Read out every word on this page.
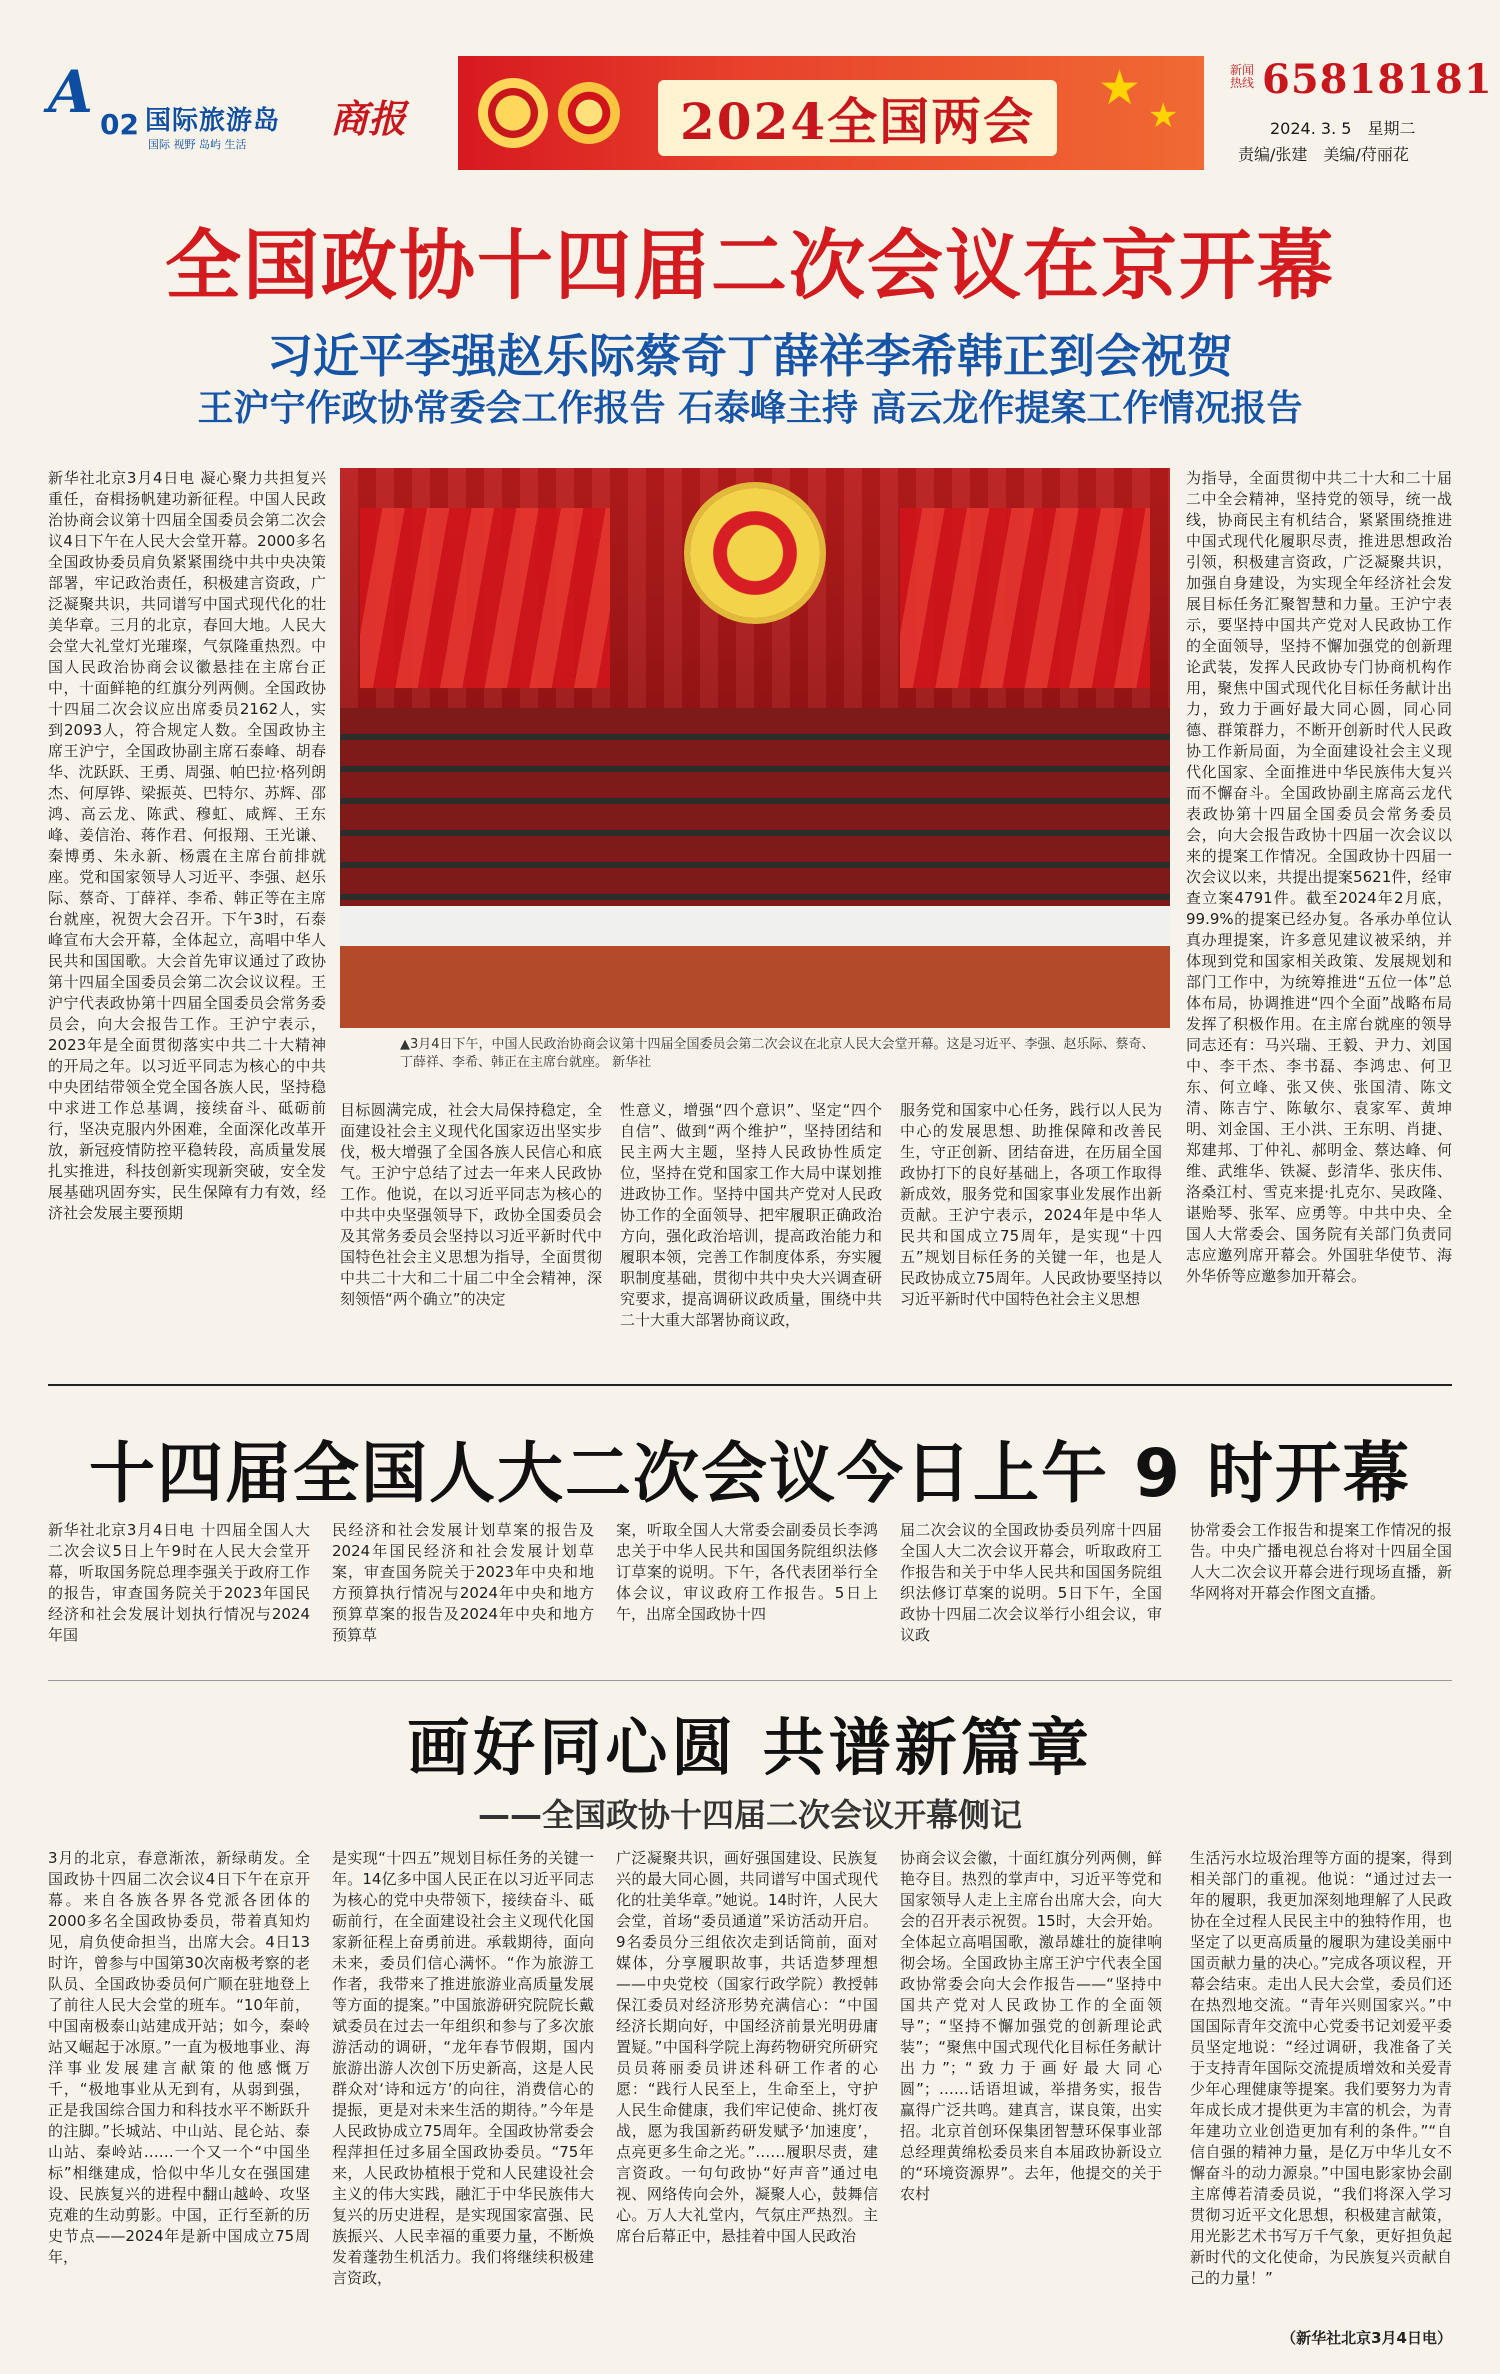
A 02 国际旅游岛
国际 视野 岛屿 生活
商报	2024全国两会
★ ★
新闻热线 65818181
2024. 3. 5　 星期二
责编/张建　 美编/苻丽花
全国政协十四届二次会议在京开幕
习近平李强赵乐际蔡奇丁薛祥李希韩正到会祝贺
王沪宁作政协常委会工作报告 石泰峰主持 高云龙作提案工作情况报告
新华社北京3月4日电 凝心聚力共担复兴重任，奋楫扬帆建功新征程。中国人民政治协商会议第十四届全国委员会第二次会议4日下午在人民大会堂开幕。2000多名全国政协委员肩负紧紧围绕中共中央决策部署，牢记政治责任，积极建言资政，广泛凝聚共识，共同谱写中国式现代化的壮美华章。三月的北京，春回大地。人民大会堂大礼堂灯光璀璨，气氛隆重热烈。中国人民政治协商会议徽悬挂在主席台正中，十面鲜艳的红旗分列两侧。全国政协十四届二次会议应出席委员2162人，实到2093人，符合规定人数。全国政协主席王沪宁，全国政协副主席石泰峰、胡春华、沈跃跃、王勇、周强、帕巴拉·格列朗杰、何厚铧、梁振英、巴特尔、苏辉、邵鸿、高云龙、陈武、穆虹、咸辉、王东峰、姜信治、蒋作君、何报翔、王光谦、秦博勇、朱永新、杨震在主席台前排就座。党和国家领导人习近平、李强、赵乐际、蔡奇、丁薛祥、李希、韩正等在主席台就座，祝贺大会召开。下午3时，石泰峰宣布大会开幕，全体起立，高唱中华人民共和国国歌。大会首先审议通过了政协第十四届全国委员会第二次会议议程。王沪宁代表政协第十四届全国委员会常务委员会，向大会报告工作。王沪宁表示，2023年是全面贯彻落实中共二十大精神的开局之年。以习近平同志为核心的中共中央团结带领全党全国各族人民，坚持稳中求进工作总基调，接续奋斗、砥砺前行，坚决克服内外困难，全面深化改革开放，新冠疫情防控平稳转段，高质量发展扎实推进，科技创新实现新突破，安全发展基础巩固夯实，民生保障有力有效，经济社会发展主要预期
▲3月4日下午，中国人民政治协商会议第十四届全国委员会第二次会议在北京人民大会堂开幕。这是习近平、李强、赵乐际、蔡奇、丁薛祥、李希、韩正在主席台就座。 新华社
目标圆满完成，社会大局保持稳定，全面建设社会主义现代化国家迈出坚实步伐，极大增强了全国各族人民信心和底气。王沪宁总结了过去一年来人民政协工作。他说，在以习近平同志为核心的中共中央坚强领导下，政协全国委员会及其常务委员会坚持以习近平新时代中国特色社会主义思想为指导，全面贯彻中共二十大和二十届二中全会精神，深刻领悟“两个确立”的决定
性意义，增强“四个意识”、坚定“四个自信”、做到“两个维护”，坚持团结和民主两大主题，坚持人民政协性质定位，坚持在党和国家工作大局中谋划推进政协工作。坚持中国共产党对人民政协工作的全面领导、把牢履职正确政治方向，强化政治培训，提高政治能力和履职本领，完善工作制度体系，夯实履职制度基础，贯彻中共中央大兴调查研究要求，提高调研议政质量，围绕中共二十大重大部署协商议政，
服务党和国家中心任务，践行以人民为中心的发展思想、助推保障和改善民生，守正创新、团结奋进，在历届全国政协打下的良好基础上，各项工作取得新成效，服务党和国家事业发展作出新贡献。王沪宁表示，2024年是中华人民共和国成立75周年，是实现“十四五”规划目标任务的关键一年，也是人民政协成立75周年。人民政协要坚持以习近平新时代中国特色社会主义思想
为指导，全面贯彻中共二十大和二十届二中全会精神，坚持党的领导，统一战线，协商民主有机结合，紧紧围绕推进中国式现代化履职尽责，推进思想政治引领，积极建言资政，广泛凝聚共识，加强自身建设，为实现全年经济社会发展目标任务汇聚智慧和力量。王沪宁表示，要坚持中国共产党对人民政协工作的全面领导，坚持不懈加强党的创新理论武装，发挥人民政协专门协商机构作用，聚焦中国式现代化目标任务献计出力，致力于画好最大同心圆，同心同德、群策群力，不断开创新时代人民政协工作新局面，为全面建设社会主义现代化国家、全面推进中华民族伟大复兴而不懈奋斗。全国政协副主席高云龙代表政协第十四届全国委员会常务委员会，向大会报告政协十四届一次会议以来的提案工作情况。全国政协十四届一次会议以来，共提出提案5621件，经审查立案4791件。截至2024年2月底，99.9%的提案已经办复。各承办单位认真办理提案，许多意见建议被采纳，并体现到党和国家相关政策、发展规划和部门工作中，为统筹推进“五位一体”总体布局，协调推进“四个全面”战略布局发挥了积极作用。在主席台就座的领导同志还有：马兴瑞、王毅、尹力、刘国中、李干杰、李书磊、李鸿忠、何卫东、何立峰、张又侠、张国清、陈文清、陈吉宁、陈敏尔、袁家军、黄坤明、刘金国、王小洪、王东明、肖捷、郑建邦、丁仲礼、郝明金、蔡达峰、何维、武维华、铁凝、彭清华、张庆伟、洛桑江村、雪克来提·扎克尔、吴政隆、谌贻琴、张军、应勇等。中共中央、全国人大常委会、国务院有关部门负责同志应邀列席开幕会。外国驻华使节、海外华侨等应邀参加开幕会。
十四届全国人大二次会议今日上午 9 时开幕
新华社北京3月4日电 十四届全国人大二次会议5日上午9时在人民大会堂开幕，听取国务院总理李强关于政府工作的报告，审查国务院关于2023年国民经济和社会发展计划执行情况与2024年国
民经济和社会发展计划草案的报告及2024年国民经济和社会发展计划草案，审查国务院关于2023年中央和地方预算执行情况与2024年中央和地方预算草案的报告及2024年中央和地方预算草
案，听取全国人大常委会副委员长李鸿忠关于中华人民共和国国务院组织法修订草案的说明。下午，各代表团举行全体会议，审议政府工作报告。5日上午，出席全国政协十四
届二次会议的全国政协委员列席十四届全国人大二次会议开幕会，听取政府工作报告和关于中华人民共和国国务院组织法修订草案的说明。5日下午，全国政协十四届二次会议举行小组会议，审议政
协常委会工作报告和提案工作情况的报告。中央广播电视总台将对十四届全国人大二次会议开幕会进行现场直播，新华网将对开幕会作图文直播。
画好同心圆 共谱新篇章
——全国政协十四届二次会议开幕侧记
3月的北京，春意渐浓，新绿萌发。全国政协十四届二次会议4日下午在京开幕。来自各族各界各党派各团体的2000多名全国政协委员，带着真知灼见，肩负使命担当，出席大会。4日13时许，曾参与中国第30次南极考察的老队员、全国政协委员何广顺在驻地登上了前往人民大会堂的班车。“10年前，中国南极泰山站建成开站；如今，秦岭站又崛起于冰原。”一直为极地事业、海洋事业发展建言献策的他感慨万千，“极地事业从无到有，从弱到强，正是我国综合国力和科技水平不断跃升的注脚。”长城站、中山站、昆仑站、泰山站、秦岭站……一个又一个“中国坐标”相继建成，恰似中华儿女在强国建设、民族复兴的进程中翻山越岭、攻坚克难的生动剪影。中国，正行至新的历史节点——2024年是新中国成立75周年，
是实现“十四五”规划目标任务的关键一年。14亿多中国人民正在以习近平同志为核心的党中央带领下，接续奋斗、砥砺前行，在全面建设社会主义现代化国家新征程上奋勇前进。承载期待，面向未来，委员们信心满怀。“作为旅游工作者，我带来了推进旅游业高质量发展等方面的提案。”中国旅游研究院院长戴斌委员在过去一年组织和参与了多次旅游活动的调研，“龙年春节假期，国内旅游出游人次创下历史新高，这是人民群众对‘诗和远方’的向往，消费信心的提振，更是对未来生活的期待。”今年是人民政协成立75周年。全国政协常委会程萍担任过多届全国政协委员。“75年来，人民政协植根于党和人民建设社会主义的伟大实践，融汇于中华民族伟大复兴的历史进程，是实现国家富强、民族振兴、人民幸福的重要力量，不断焕发着蓬勃生机活力。我们将继续积极建言资政，
广泛凝聚共识，画好强国建设、民族复兴的最大同心圆，共同谱写中国式现代化的壮美华章。”她说。14时许，人民大会堂，首场“委员通道”采访活动开启。9名委员分三组依次走到话筒前，面对媒体，分享履职故事，共话造梦理想——中央党校（国家行政学院）教授韩保江委员对经济形势充满信心：“中国经济长期向好，中国经济前景光明毋庸置疑。”中国科学院上海药物研究所研究员员蒋丽委员讲述科研工作者的心愿：“践行人民至上，生命至上，守护人民生命健康，我们牢记使命、挑灯夜战，愿为我国新药研发赋予‘加速度’，点亮更多生命之光。”……履职尽责，建言资政。一句句政协“好声音”通过电视、网络传向会外，凝聚人心，鼓舞信心。万人大礼堂内，气氛庄严热烈。主席台后幕正中，悬挂着中国人民政治
协商会议会徽，十面红旗分列两侧，鲜艳夺目。热烈的掌声中，习近平等党和国家领导人走上主席台出席大会，向大会的召开表示祝贺。15时，大会开始。全体起立高唱国歌，激昂雄壮的旋律响彻会场。全国政协主席王沪宁代表全国政协常委会向大会作报告——“坚持中国共产党对人民政协工作的全面领导”；“坚持不懈加强党的创新理论武装”；“聚焦中国式现代化目标任务献计出力”；“致力于画好最大同心圆”；……话语坦诚，举措务实，报告赢得广泛共鸣。建真言，谋良策，出实招。北京首创环保集团智慧环保事业部总经理黄绵松委员来自本届政协新设立的“环境资源界”。去年，他提交的关于农村
生活污水垃圾治理等方面的提案，得到相关部门的重视。他说：“通过过去一年的履职，我更加深刻地理解了人民政协在全过程人民民主中的独特作用，也坚定了以更高质量的履职为建设美丽中国贡献力量的决心。”完成各项议程，开幕会结束。走出人民大会堂，委员们还在热烈地交流。“青年兴则国家兴。”中国国际青年交流中心党委书记刘爱平委员坚定地说：“经过调研，我准备了关于支持青年国际交流提质增效和关爱青少年心理健康等提案。我们要努力为青年成长成才提供更为丰富的机会，为青年建功立业创造更加有利的条件。”“自信自强的精神力量，是亿万中华儿女不懈奋斗的动力源泉。”中国电影家协会副主席傅若清委员说，“我们将深入学习贯彻习近平文化思想，积极建言献策，用光影艺术书写万千气象，更好担负起新时代的文化使命，为民族复兴贡献自己的力量！”
（新华社北京3月4日电）
